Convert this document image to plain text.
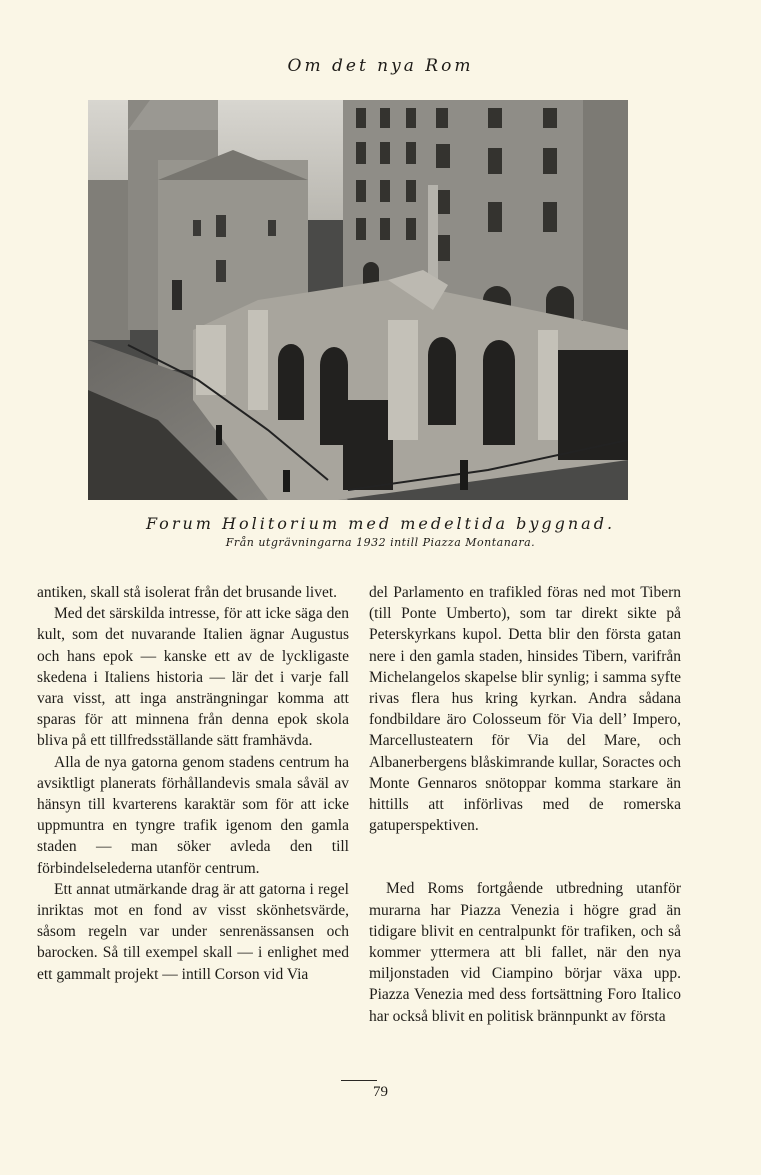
Om det nya Rom
Forum Holitorium med medeltida byggnad.
Från utgrävningarna 1932 intill Piazza Montanara.

antiken, skall stå isolerat från det brusande livet.

Med det särskilda intresse, för att icke säga den kult, som det nuvarande Italien ägnar Augustus och hans epok — kanske ett av de lyckligaste skedena i Italiens historia — lär det i varje fall vara visst, att inga ansträngningar komma att sparas för att minnena från denna epok skola bliva på ett tillfredsställande sätt framhävda.

Alla de nya gatorna genom stadens centrum ha avsiktligt planerats förhållandevis smala såväl av hänsyn till kvarterens karaktär som för att icke uppmuntra en tyngre trafik igenom den gamla staden — man söker avleda den till förbindelselederna utanför centrum.

Ett annat utmärkande drag är att gatorna i regel inriktas mot en fond av visst skönhetsvärde, såsom regeln var under senrenässansen och barocken. Så till exempel skall — i enlighet med ett gammalt projekt — intill Corson vid Via

del Parlamento en trafikled föras ned mot Tibern (till Ponte Umberto), som tar direkt sikte på Peterskyrkans kupol. Detta blir den första gatan nere i den gamla staden, hinsides Tibern, varifrån Michelangelos skapelse blir synlig; i samma syfte rivas flera hus kring kyrkan. Andra sådana fondbildare äro Colosseum för Via dell’ Impero, Marcellusteatern för Via del Mare, och Albanerbergens blåskimrande kullar, Soractes och Monte Gennaros snötoppar komma starkare än hittills att införlivas med de romerska gatuperspektiven.

Med Roms fortgående utbredning utanför murarna har Piazza Venezia i högre grad än tidigare blivit en centralpunkt för trafiken, och så kommer yttermera att bli fallet, när den nya miljonstaden vid Ciampino börjar växa upp. Piazza Venezia med dess fortsättning Foro Italico har också blivit en politisk brännpunkt av första

79
